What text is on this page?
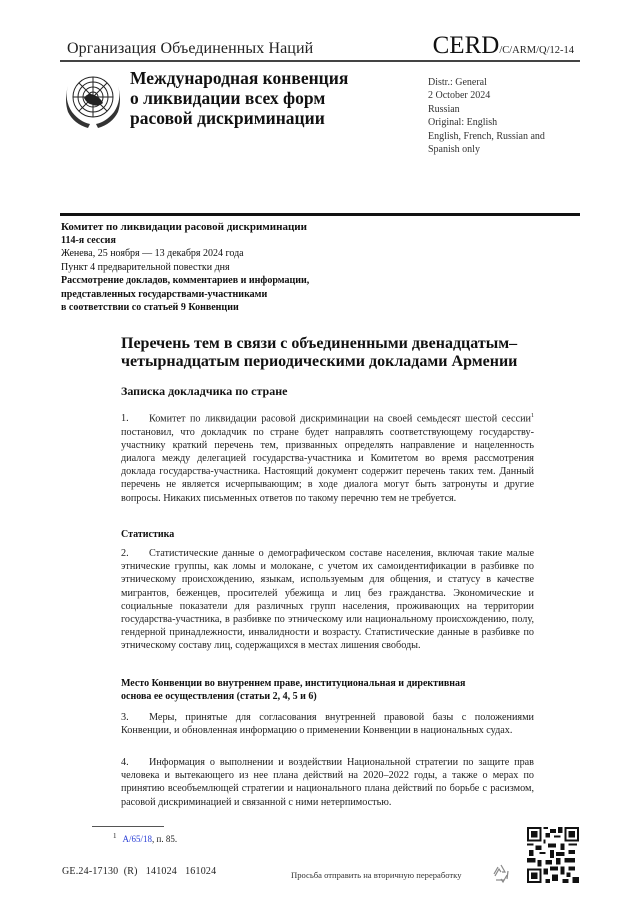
Организация Объединенных Наций	CERD/C/ARM/Q/12-14
Международная конвенция
о ликвидации всех форм
расовой дискриминации
Distr.: General
2 October 2024
Russian
Original: English
English, French, Russian and
Spanish only
Комитет по ликвидации расовой дискриминации
114-я сессия
Женева, 25 ноября — 13 декабря 2024 года
Пункт 4 предварительной повестки дня
Рассмотрение докладов, комментариев и информации,
представленных государствами-участниками
в соответствии со статьей 9 Конвенции
Перечень тем в связи с объединенными двенадцатым–
четырнадцатым периодическими докладами Армении
Записка докладчика по стране
1. Комитет по ликвидации расовой дискриминации на своей семьдесят шестой сессии$^1$ постановил, что докладчик по стране будет направлять соответствующему государству-участнику краткий перечень тем, призванных определять направление и нацеленность диалога между делегацией государства-участника и Комитетом во время рассмотрения доклада государства-участника. Настоящий документ содержит перечень таких тем. Данный перечень не является исчерпывающим; в ходе диалога могут быть затронуты и другие вопросы. Никаких письменных ответов по такому перечню тем не требуется.
Статистика
2. Статистические данные о демографическом составе населения, включая такие малые этнические группы, как ломы и молокане, с учетом их самоидентификации в разбивке по этническому происхождению, языкам, используемым для общения, и статусу в качестве мигрантов, беженцев, просителей убежища и лиц без гражданства. Экономические и социальные показатели для различных групп населения, проживающих на территории государства-участника, в разбивке по этническому или национальному происхождению, полу, гендерной принадлежности, инвалидности и возрасту. Статистические данные в разбивке по этническому составу лиц, содержащихся в местах лишения свободы.
Место Конвенции во внутреннем праве, институциональная и директивная
основа ее осуществления (статьи 2, 4, 5 и 6)
3. Меры, принятые для согласования внутренней правовой базы с положениями Конвенции, и обновленная информацию о применении Конвенции в национальных судах.
4. Информация о выполнении и воздействии Национальной стратегии по защите прав человека и вытекающего из нее плана действий на 2020–2022 годы, а также о мерах по принятию всеобъемлющей стратегии и национального плана действий по борьбе с расизмом, расовой дискриминацией и связанной с ними нетерпимостью.
$^1$ A/65/18, п. 85.
GE.24-17130  (R)   141024   161024	Просьба отправить на вторичную переработку
